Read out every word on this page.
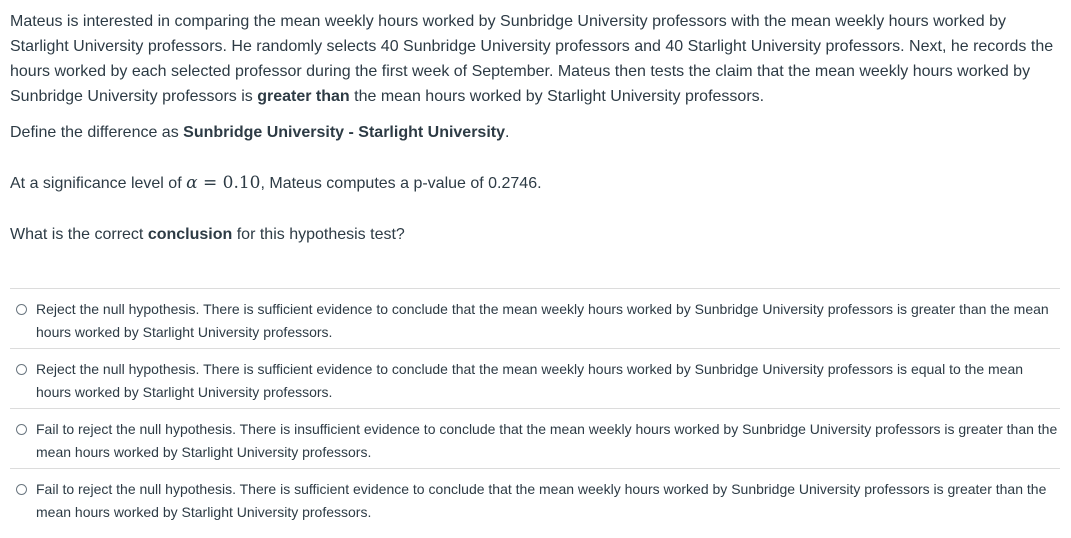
Mateus is interested in comparing the mean weekly hours worked by Sunbridge University professors with the mean weekly hours worked by Starlight University professors. He randomly selects 40 Sunbridge University professors and 40 Starlight University professors. Next, he records the hours worked by each selected professor during the first week of September. Mateus then tests the claim that the mean weekly hours worked by Sunbridge University professors is greater than the mean hours worked by Starlight University professors.

Define the difference as Sunbridge University - Starlight University.

At a significance level of α = 0.10, Mateus computes a p-value of 0.2746.

What is the correct conclusion for this hypothesis test?

Reject the null hypothesis. There is sufficient evidence to conclude that the mean weekly hours worked by Sunbridge University professors is greater than the mean hours worked by Starlight University professors.
Reject the null hypothesis. There is sufficient evidence to conclude that the mean weekly hours worked by Sunbridge University professors is equal to the mean hours worked by Starlight University professors.
Fail to reject the null hypothesis. There is insufficient evidence to conclude that the mean weekly hours worked by Sunbridge University professors is greater than the mean hours worked by Starlight University professors.
Fail to reject the null hypothesis. There is sufficient evidence to conclude that the mean weekly hours worked by Sunbridge University professors is greater than the mean hours worked by Starlight University professors.
